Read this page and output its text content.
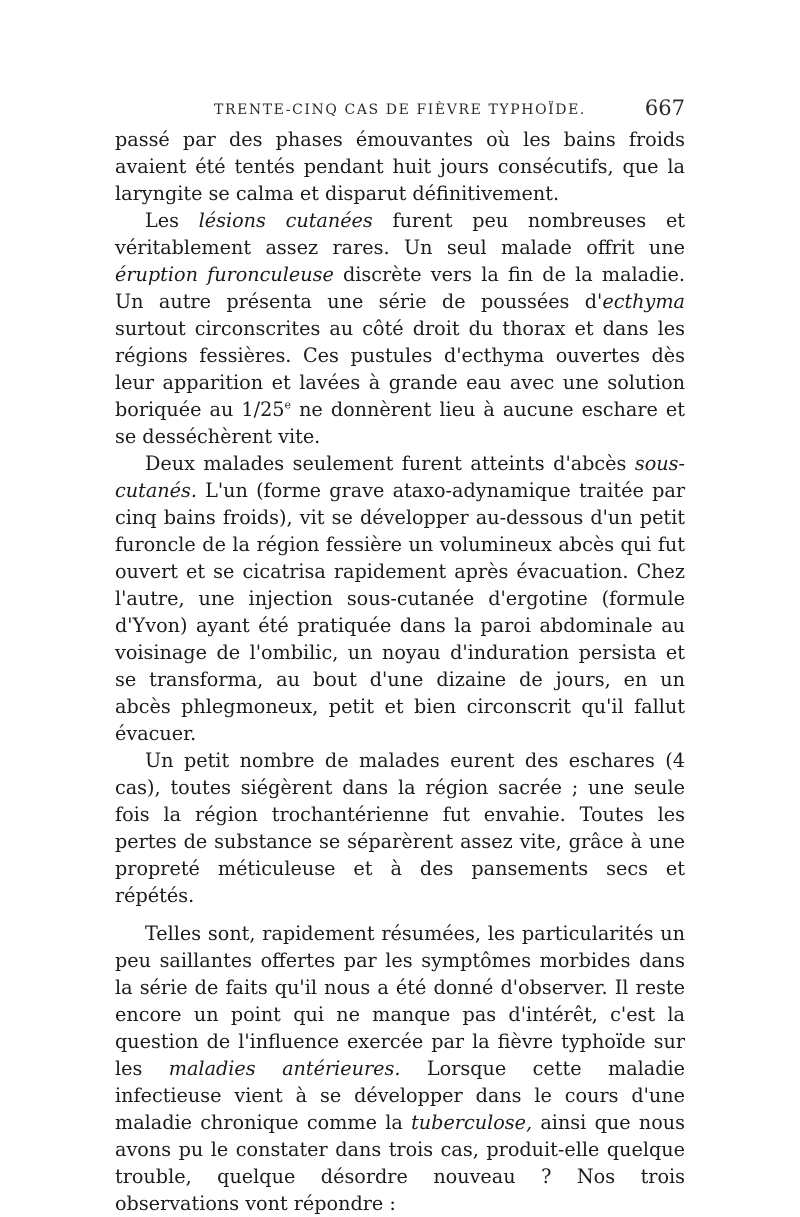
TRENTE-CINQ CAS DE FIÈVRE TYPHOÏDE.	667

passé par des phases émouvantes où les bains froids avaient été tentés pendant huit jours consécutifs, que la laryngite se calma et disparut définitivement.

Les lésions cutanées furent peu nombreuses et véritablement assez rares. Un seul malade offrit une éruption furonculeuse discrète vers la fin de la maladie. Un autre présenta une série de poussées d'ecthyma surtout circonscrites au côté droit du thorax et dans les régions fessières. Ces pustules d'ecthyma ouvertes dès leur apparition et lavées à grande eau avec une solution boriquée au 1/25e ne donnèrent lieu à aucune eschare et se desséchèrent vite.

Deux malades seulement furent atteints d'abcès sous-cutanés. L'un (forme grave ataxo-adynamique traitée par cinq bains froids), vit se développer au-dessous d'un petit furoncle de la région fessière un volumineux abcès qui fut ouvert et se cicatrisa rapidement après évacuation. Chez l'autre, une injection sous-cutanée d'ergotine (formule d'Yvon) ayant été pratiquée dans la paroi abdominale au voisinage de l'ombilic, un noyau d'induration persista et se transforma, au bout d'une dizaine de jours, en un abcès phlegmoneux, petit et bien circonscrit qu'il fallut évacuer.

Un petit nombre de malades eurent des eschares (4 cas), toutes siégèrent dans la région sacrée ; une seule fois la région trochantérienne fut envahie. Toutes les pertes de substance se séparèrent assez vite, grâce à une propreté méticuleuse et à des pansements secs et répétés.

Telles sont, rapidement résumées, les particularités un peu saillantes offertes par les symptômes morbides dans la série de faits qu'il nous a été donné d'observer. Il reste encore un point qui ne manque pas d'intérêt, c'est la question de l'influence exercée par la fièvre typhoïde sur les maladies antérieures. Lorsque cette maladie infectieuse vient à se développer dans le cours d'une maladie chronique comme la tuberculose, ainsi que nous avons pu le constater dans trois cas, produit-elle quelque trouble, quelque désordre nouveau ? Nos trois observations vont répondre :
